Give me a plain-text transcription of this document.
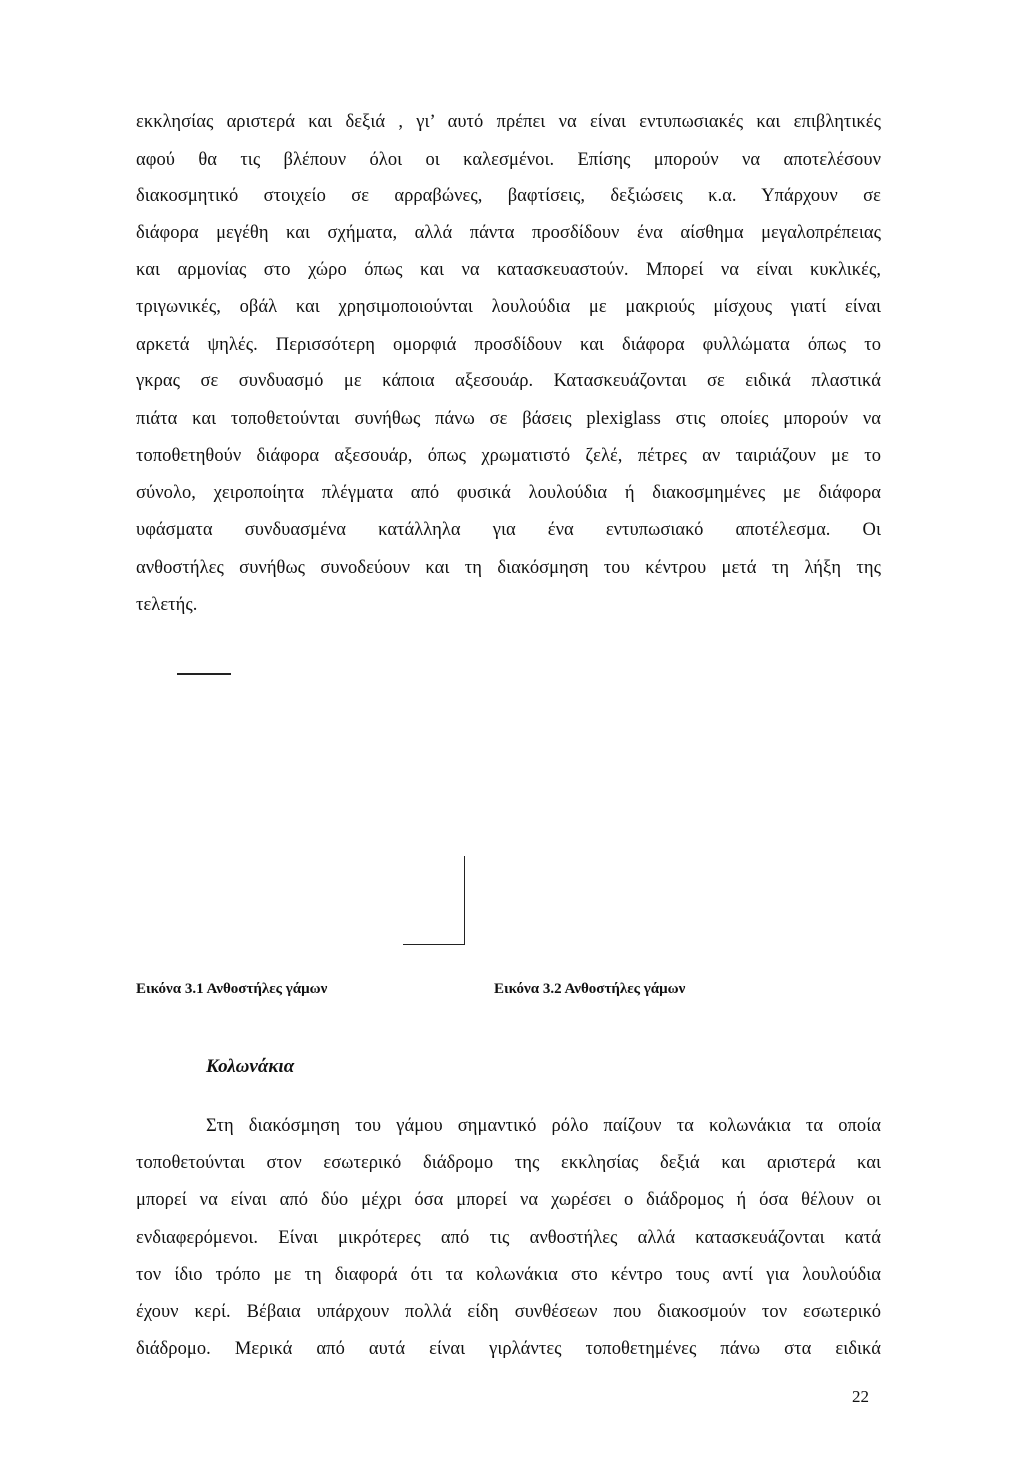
εκκλησίας αριστερά και δεξιά , γι’ αυτό πρέπει να είναι εντυπωσιακές και επιβλητικές
αφού θα τις βλέπουν όλοι οι καλεσμένοι. Επίσης μπορούν να αποτελέσουν
διακοσμητικό στοιχείο σε αρραβώνες, βαφτίσεις, δεξιώσεις κ.α. Υπάρχουν σε
διάφορα μεγέθη και σχήματα, αλλά πάντα προσδίδουν ένα αίσθημα μεγαλοπρέπειας
και αρμονίας στο χώρο όπως και να κατασκευαστούν. Μπορεί να είναι κυκλικές,
τριγωνικές, οβάλ και χρησιμοποιούνται λουλούδια με μακριούς μίσχους γιατί είναι
αρκετά ψηλές. Περισσότερη ομορφιά προσδίδουν και διάφορα φυλλώματα όπως το
γκρας σε συνδυασμό με κάποια αξεσουάρ. Κατασκευάζονται σε ειδικά πλαστικά
πιάτα και τοποθετούνται συνήθως πάνω σε βάσεις plexiglass στις οποίες μπορούν να
τοποθετηθούν διάφορα αξεσουάρ, όπως χρωματιστό ζελέ, πέτρες αν ταιριάζουν με το
σύνολο, χειροποίητα πλέγματα από φυσικά λουλούδια ή διακοσμημένες με διάφορα
υφάσματα συνδυασμένα κατάλληλα για ένα εντυπωσιακό αποτέλεσμα. Οι
ανθοστήλες συνήθως συνοδεύουν και τη διακόσμηση του κέντρου μετά τη λήξη της
τελετής.
Εικόνα 3.1 Ανθοστήλες γάμων	Εικόνα 3.2 Ανθοστήλες γάμων
Κολωνάκια
Στη διακόσμηση του γάμου σημαντικό ρόλο παίζουν τα κολωνάκια τα οποία
τοποθετούνται στον εσωτερικό διάδρομο της εκκλησίας δεξιά και αριστερά και
μπορεί να είναι από δύο μέχρι όσα μπορεί να χωρέσει ο διάδρομος ή όσα θέλουν οι
ενδιαφερόμενοι. Είναι μικρότερες από τις ανθοστήλες αλλά κατασκευάζονται κατά
τον ίδιο τρόπο με τη διαφορά ότι τα κολωνάκια στο κέντρο τους αντί για λουλούδια
έχουν κερί. Βέβαια υπάρχουν πολλά είδη συνθέσεων που διακοσμούν τον εσωτερικό
διάδρομο. Μερικά από αυτά είναι γιρλάντες τοποθετημένες πάνω στα ειδικά
22
